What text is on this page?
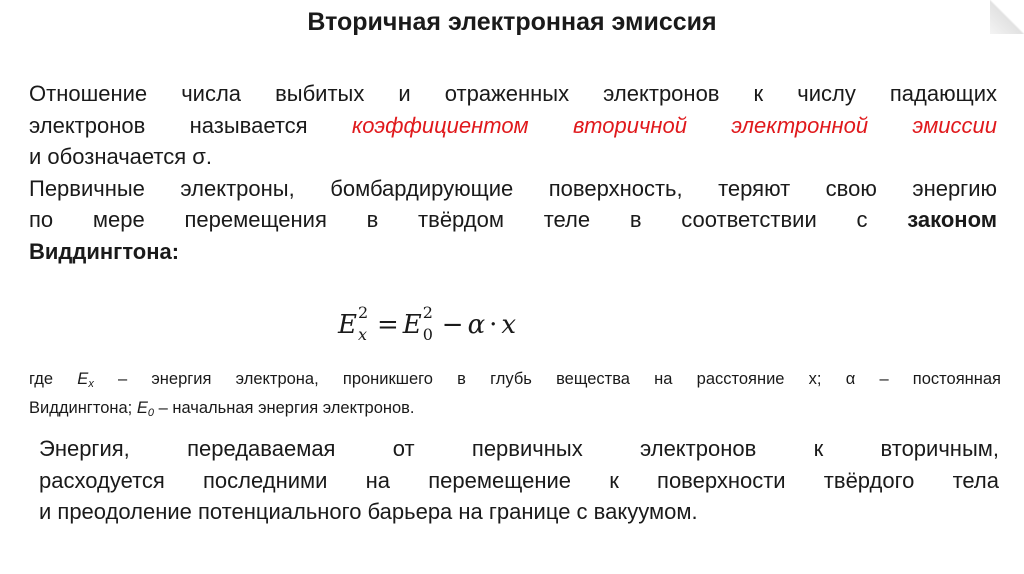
Вторичная электронная эмиссия
Отношение числа выбитых и отраженных электронов к числу падающих
электронов называется коэффициентом вторичной электронной эмиссии
и обозначается σ.
Первичные электроны, бомбардирующие поверхность, теряют свою энергию
по мере перемещения в твёрдом теле в соответствии с законом
Виддингтона:
E 2
x = E 2
0 − α · x
где Ex – энергия электрона, проникшего в глубь вещества на расстояние x; α – постоянная
Виддингтона; E0 – начальная энергия электронов.
Энергия, передаваемая от первичных электронов к вторичным,
расходуется последними на перемещение к поверхности твёрдого тела
и преодоление потенциального барьера на границе с вакуумом.
